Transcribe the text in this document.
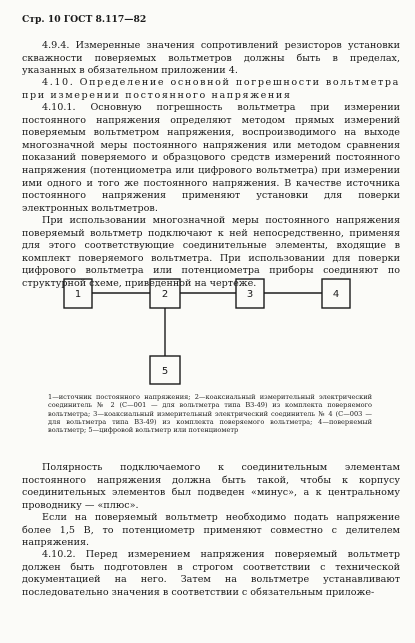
Стр. 10 ГОСТ 8.117—82

4.9.4. Измеренные значения сопротивлений резисторов установки скважности поверяемых вольтметров должны быть в пределах, указанных в обязательном приложении 4.

4.10. Определение основной погрешности вольтметра при измерении постоянного напряжения

4.10.1. Основную погрешность вольтметра при измерении постоянного напряжения определяют методом прямых измерений поверяемым вольтметром напряжения, воспроизводимого на выходе многозначной меры постоянного напряжения или методом сравнения показаний поверяемого и образцового средств измерений постоянного напряжения (потенциометра или цифрового вольтметра) при измерении ими одного и того же постоянного напряжения. В качестве источника постоянного напряжения применяют установки для поверки электронных вольтметров.

При использовании многозначной меры постоянного напряжения поверяемый вольтметр подключают к ней непосредственно, применяя для этого соответствующие соединительные элементы, входящие в комплект поверяемого вольтметра. При использовании для поверки цифрового вольтметра или потенциометра приборы соединяют по структурной схеме, приведенной на чертеже.

1	2	3	4
5

1—источник постоянного напряжения; 2—коаксиальный измерительный электрический соединитель № 2 (С—001 — для вольтметра типа В3-49) из комплекта поверяемого вольтметра; 3—коаксиальный измерительный электрический соединитель № 4 (С—003 — для вольтметра типа В3-49) из комплекта поверяемого вольтметра; 4—поверяемый вольтметр; 5—цифровой вольтметр или потенциометр

Полярность подключаемого к соединительным элементам постоянного напряжения должна быть такой, чтобы к корпусу соединительных элементов был подведен «минус», а к центральному проводнику — «плюс».

Если на поверяемый вольтметр необходимо подать напряжение более 1,5 В, то потенциометр применяют совместно с делителем напряжения.

4.10.2. Перед измерением напряжения поверяемый вольтметр должен быть подготовлен в строгом соответствии с технической документацией на него. Затем на вольтметре устанавливают последовательно значения в соответствии с обязательным приложе-
